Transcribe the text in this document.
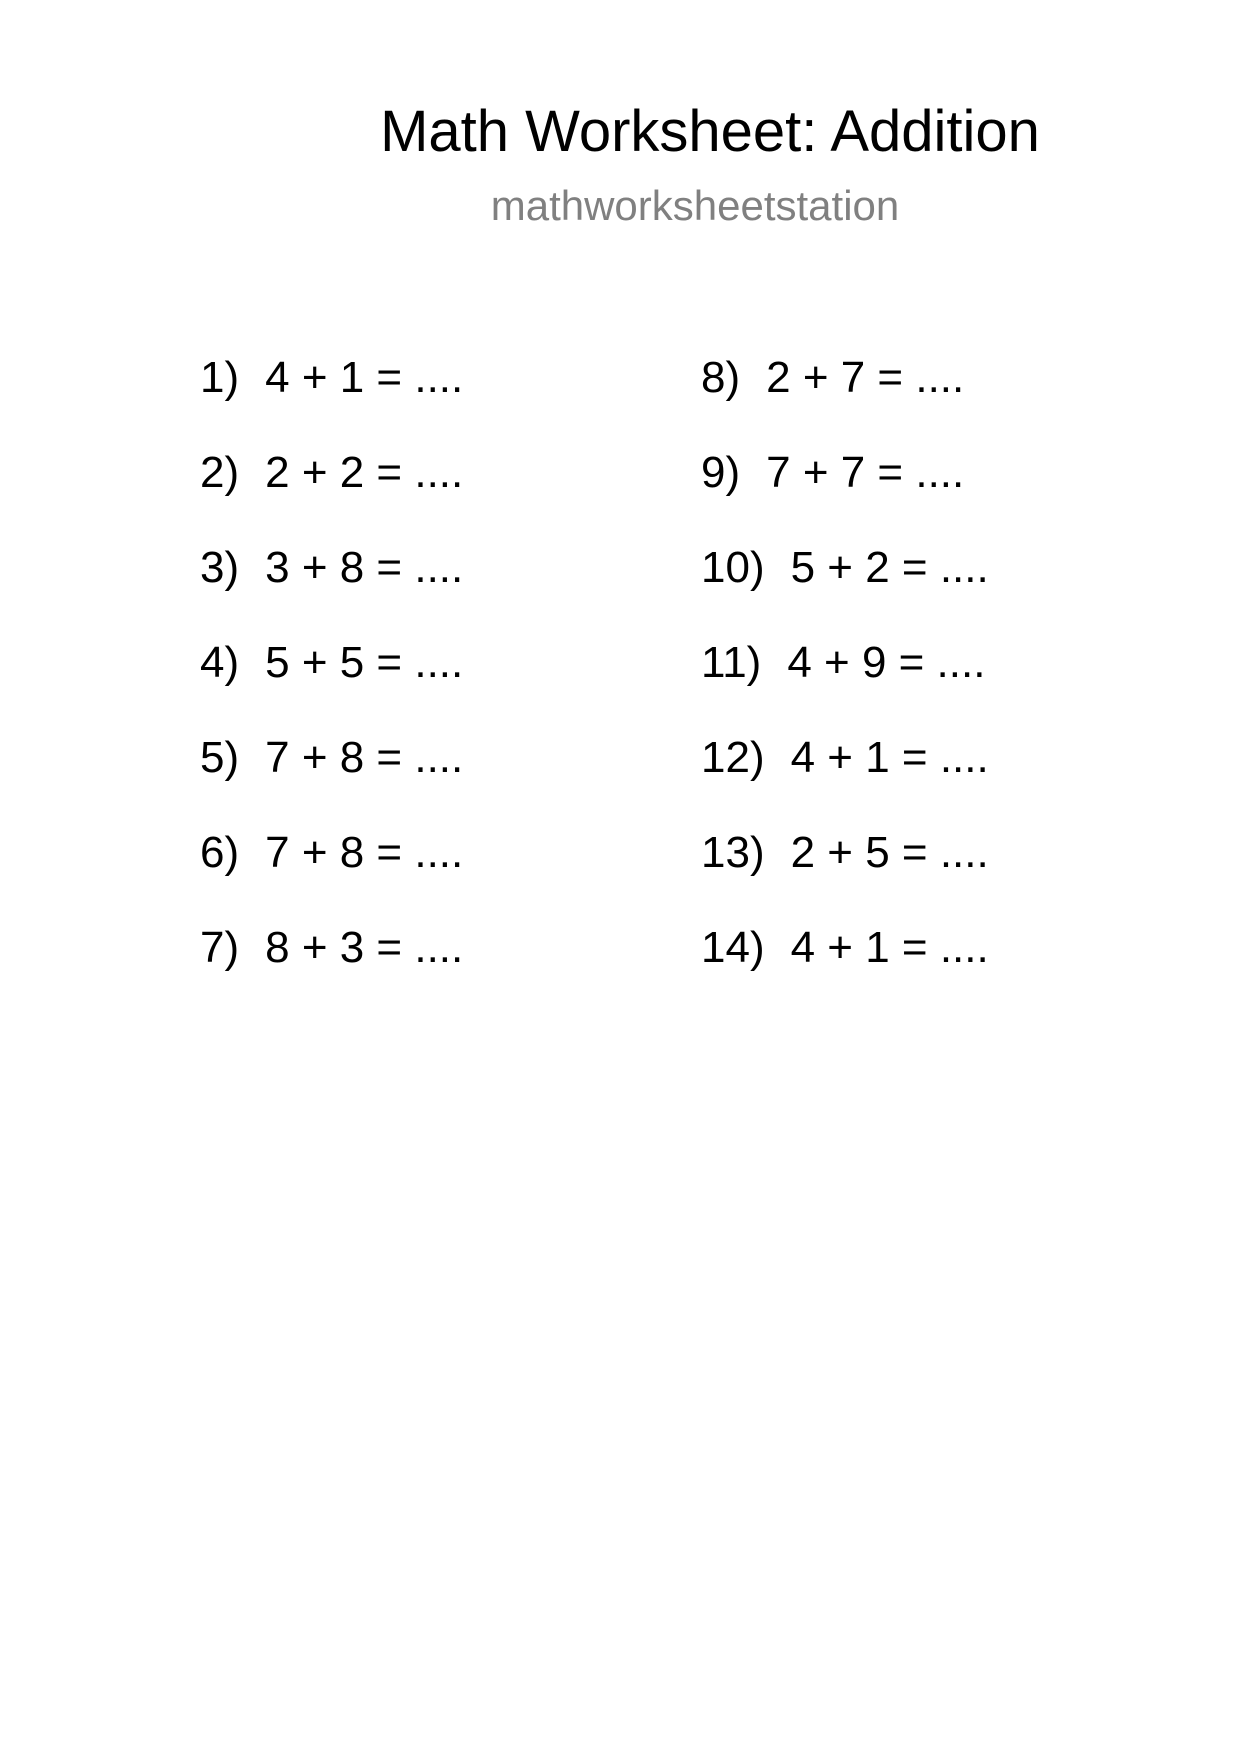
Math Worksheet: Addition
mathworksheetstation
1) 4 + 1 = ....
2) 2 + 2 = ....
3) 3 + 8 = ....
4) 5 + 5 = ....
5) 7 + 8 = ....
6) 7 + 8 = ....
7) 8 + 3 = ....
8) 2 + 7 = ....
9) 7 + 7 = ....
10) 5 + 2 = ....
11) 4 + 9 = ....
12) 4 + 1 = ....
13) 2 + 5 = ....
14) 4 + 1 = ....
